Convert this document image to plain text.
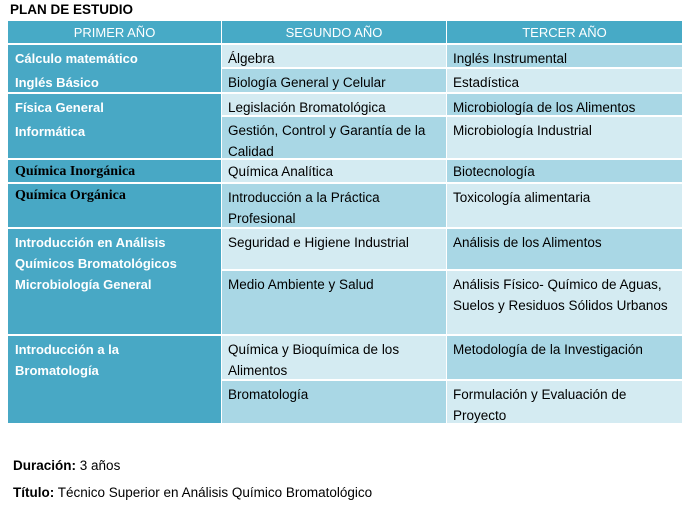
PLAN DE ESTUDIO
PRIMER AÑO	SEGUNDO AÑO	TERCER AÑO
Cálculo matemático
Inglés Básico
Física General
Informática
Química Inorgánica
Química Orgánica
Introducción en Análisis
Químicos Bromatológicos
Microbiología General
Introducción a la
Bromatología
Álgebra
Biología General y Celular
Legislación Bromatológica
Gestión, Control y Garantía de la Calidad
Química Analítica
Introducción a la Práctica Profesional
Seguridad e Higiene Industrial
Medio Ambiente y Salud
Química y Bioquímica de los Alimentos
Bromatología
Inglés Instrumental
Estadística
Microbiología de los Alimentos
Microbiología Industrial
Biotecnología
Toxicología alimentaria
Análisis de los Alimentos
Análisis Físico- Químico de Aguas, Suelos y Residuos Sólidos Urbanos
Metodología de la Investigación
Formulación y Evaluación de Proyecto
Duración: 3 años
Título: Técnico Superior en Análisis Químico Bromatológico
